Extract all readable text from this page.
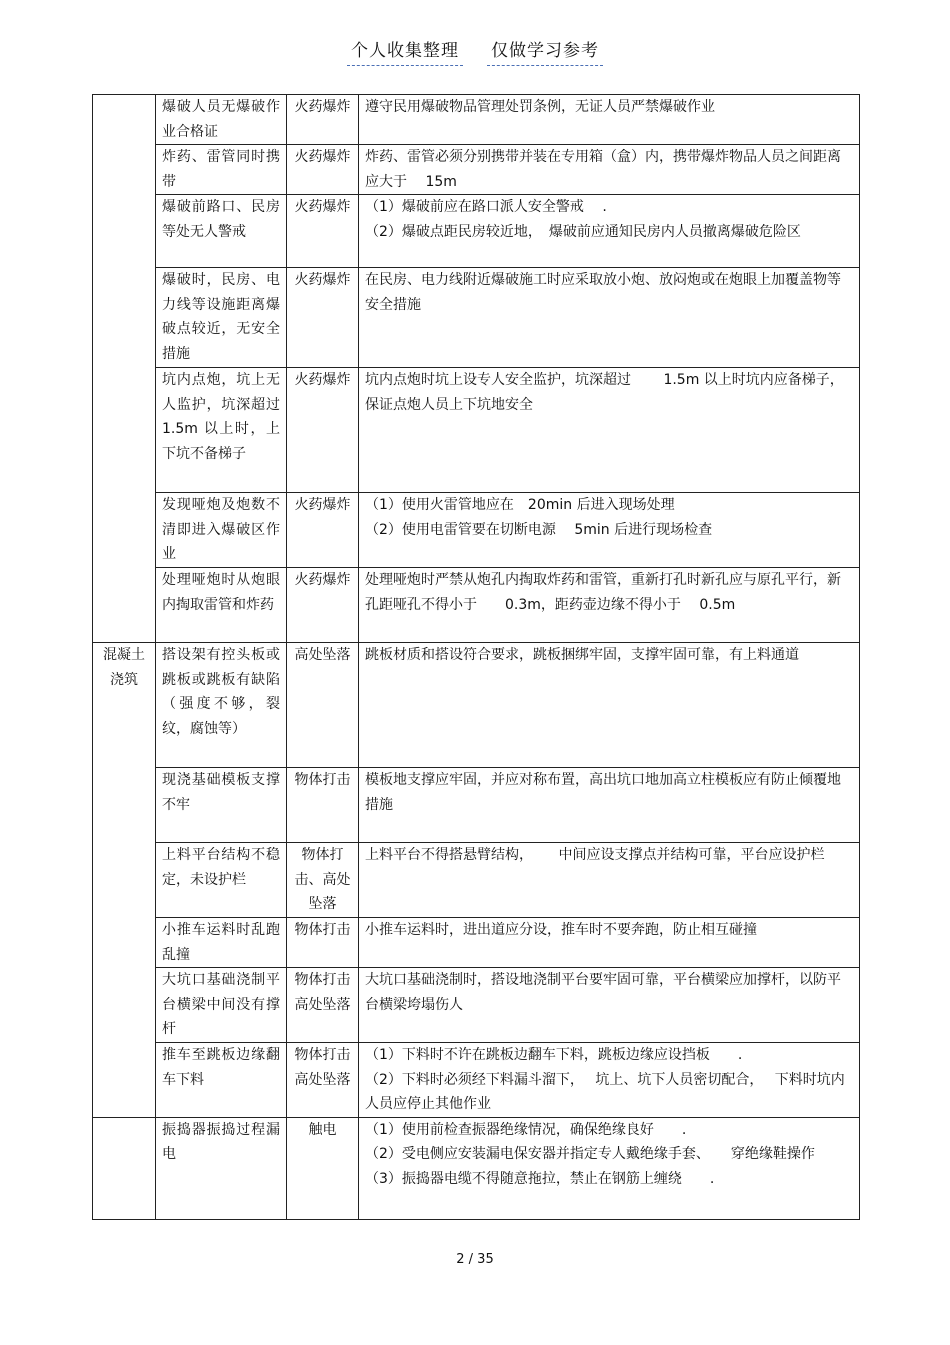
个人收集整理 仅做学习参考
	爆破人员无爆破作业合格证	火药爆炸	遵守民用爆破物品管理处罚条例，无证人员严禁爆破作业

	炸药、雷管同时携带	火药爆炸	炸药、雷管必须分别携带并装在专用箱（盒）内，携带爆炸物品人员之间距离应大于　 15m

	爆破前路口、民房等处无人警戒	火药爆炸	（1）爆破前应在路口派人安全警戒　 .
（2）爆破点距民房较近地，　爆破前应通知民房内人员撤离爆破危险区

	爆破时，民房、电力线等设施距离爆破点较近，无安全措施	火药爆炸	在民房、电力线附近爆破施工时应采取放小炮、放闷炮或在炮眼上加覆盖物等安全措施

	坑内点炮，坑上无人监护，坑深超过 1.5m 以上时，上下坑不备梯子	火药爆炸	坑内点炮时坑上设专人安全监护，坑深超过　　 1.5m 以上时坑内应备梯子，保证点炮人员上下坑地安全

	发现哑炮及炮数不清即进入爆破区作业	火药爆炸	（1）使用火雷管地应在　20min 后进入现场处理
（2）使用电雷管要在切断电源　 5min 后进行现场检查

	处理哑炮时从炮眼内掏取雷管和炸药	火药爆炸	处理哑炮时严禁从炮孔内掏取炸药和雷管，重新打孔时新孔应与原孔平行，新孔距哑孔不得小于　　0.3m，距药壶边缘不得小于　 0.5m

混凝土浇筑	搭设架有控头板或跳板或跳板有缺陷（强度不够，裂纹，腐蚀等）	高处坠落	跳板材质和搭设符合要求，跳板捆绑牢固，支撑牢固可靠，有上料通道

	现浇基础模板支撑不牢	物体打击	模板地支撑应牢固，并应对称布置，高出坑口地加高立柱模板应有防止倾覆地措施

	上料平台结构不稳定，未设护栏	物体打击、高处坠落	上料平台不得搭悬臂结构，　　 中间应设支撑点并结构可靠，平台应设护栏

	小推车运料时乱跑乱撞	物体打击	小推车运料时，进出道应分设，推车时不要奔跑，防止相互碰撞

	大坑口基础浇制平台横梁中间没有撑杆	物体打击高处坠落	大坑口基础浇制时，搭设地浇制平台要牢固可靠，平台横梁应加撑杆，以防平台横梁垮塌伤人

	推车至跳板边缘翻车下料	物体打击高处坠落	（1）下料时不许在跳板边翻车下料，跳板边缘应设挡板　　.
（2）下料时必须经下料漏斗溜下，　 坑上、坑下人员密切配合，　 下料时坑内人员应停止其他作业

	振捣器振捣过程漏电	触电	（1）使用前检查振器绝缘情况，确保绝缘良好　　.
（2）受电侧应安装漏电保安器并指定专人戴绝缘手套、　　穿绝缘鞋操作
（3）振捣器电缆不得随意拖拉，禁止在钢筋上缠绕　　.
2 / 35
